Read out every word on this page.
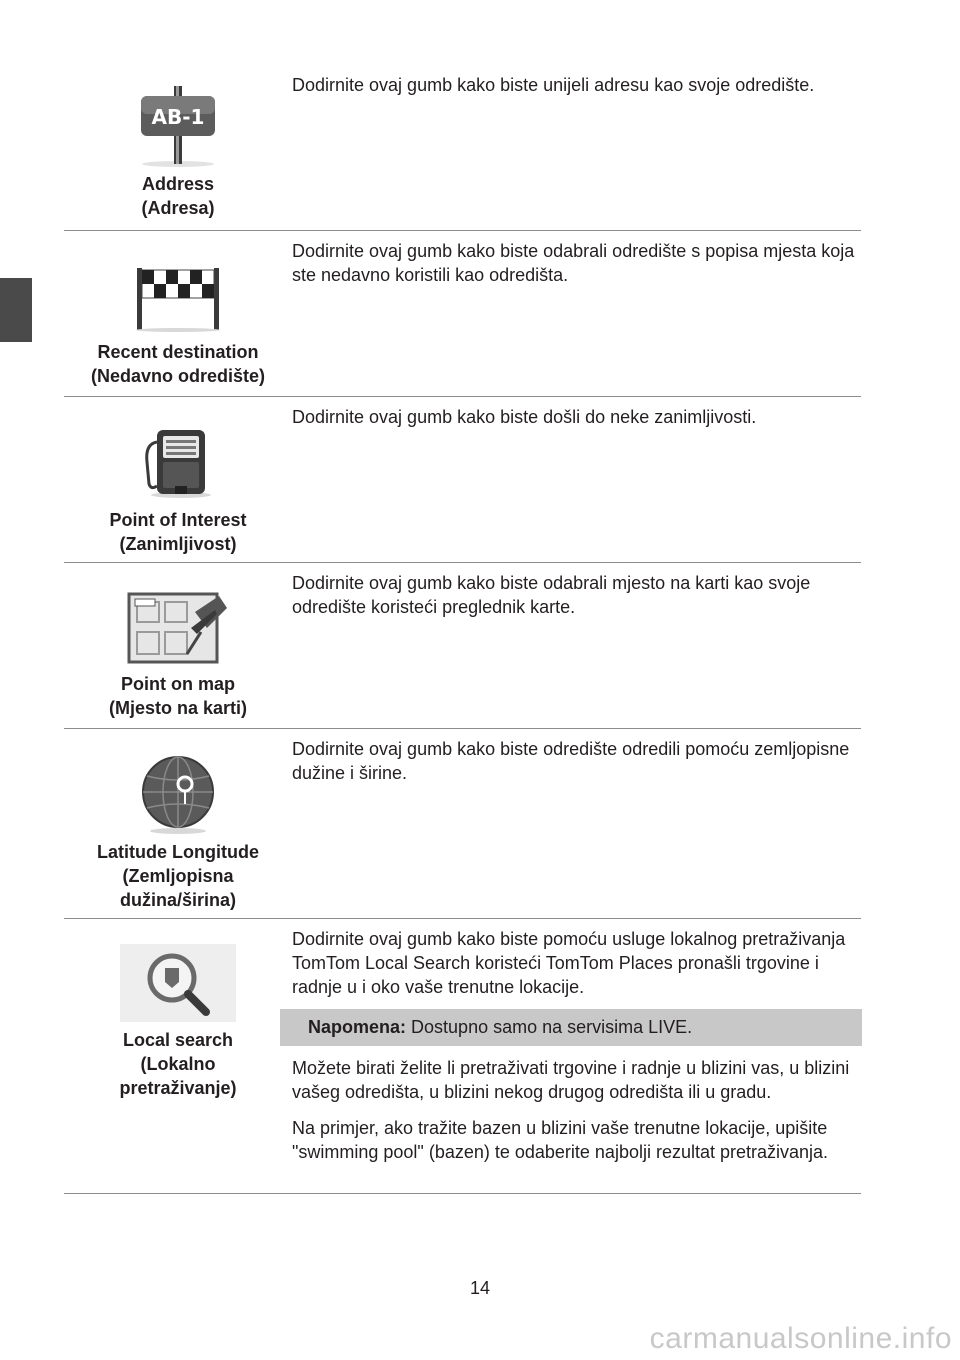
AB-1
Address
(Adresa)

Dodirnite ovaj gumb kako biste unijeli adresu kao svoje odredište.

Recent destination
(Nedavno odredište)

Dodirnite ovaj gumb kako biste odabrali odredište s popisa mjesta koja ste nedavno koristili kao odredišta.

Point of Interest
(Zanimljivost)

Dodirnite ovaj gumb kako biste došli do neke zanimljivosti.

Point on map
(Mjesto na karti)

Dodirnite ovaj gumb kako biste odabrali mjesto na karti kao svoje odredište koristeći preglednik karte.

Latitude Longitude
(Zemljopisna
dužina/širina)

Dodirnite ovaj gumb kako biste odredište odredili pomoću zemljopisne dužine i širine.

Local search
(Lokalno
pretraživanje)

Dodirnite ovaj gumb kako biste pomoću usluge lokalnog pretraživanja TomTom Local Search koristeći TomTom Places pronašli trgovine i radnje u i oko vaše trenutne lokacije.

Napomena: Dostupno samo na servisima LIVE.

Možete birati želite li pretraživati trgovine i radnje u blizini vas, u blizini vašeg odredišta, u blizini nekog drugog odredišta ili u gradu.

Na primjer, ako tražite bazen u blizini vaše trenutne lokacije, upišite "swimming pool" (bazen) te odaberite najbolji rezultat pretraživanja.

14
carmanualsonline.info
